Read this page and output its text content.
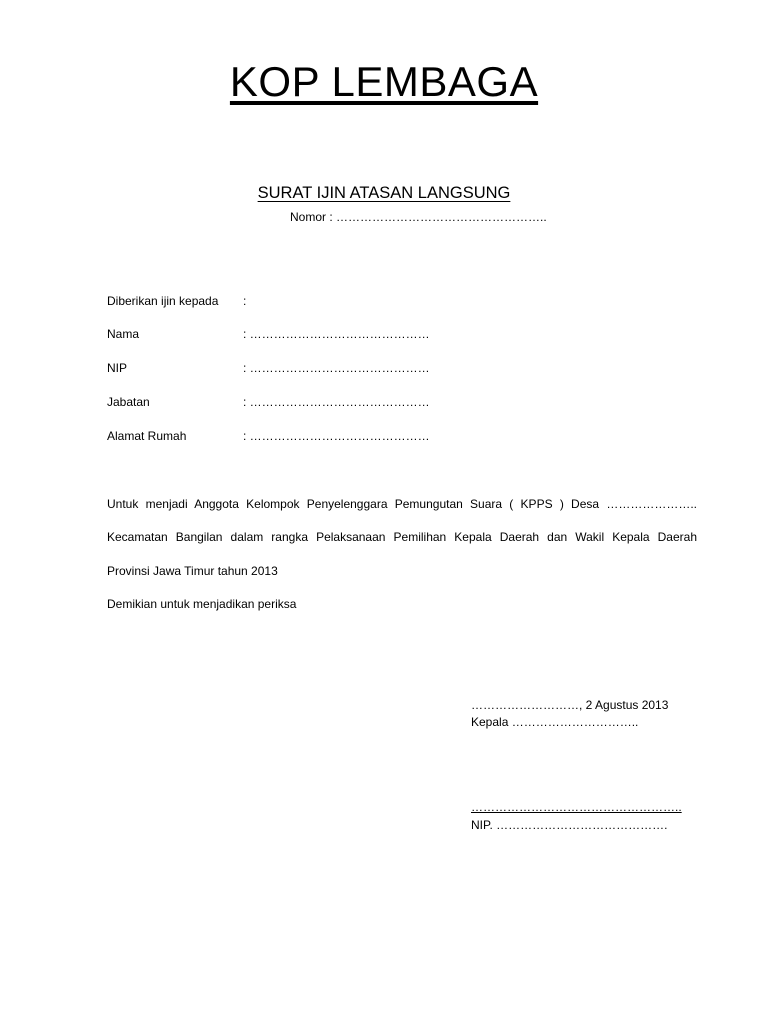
KOP LEMBAGA
SURAT IJIN ATASAN LANGSUNG
Nomor : ……………………………………………..
Diberikan ijin kepada :
Nama	: ………………………………………
NIP	: ………………………………………
Jabatan	: ………………………………………
Alamat Rumah	: ………………………………………
Untuk menjadi Anggota Kelompok Penyelenggara Pemungutan Suara ( KPPS ) Desa …………………..
Kecamatan Bangilan dalam rangka Pelaksanaan Pemilihan Kepala Daerah dan Wakil Kepala Daerah
Provinsi Jawa Timur tahun 2013
Demikian untuk menjadikan periksa
………………………, 2 Agustus 2013
Kepala …………………………..
……………………………………………..
NIP. …………………………………….
